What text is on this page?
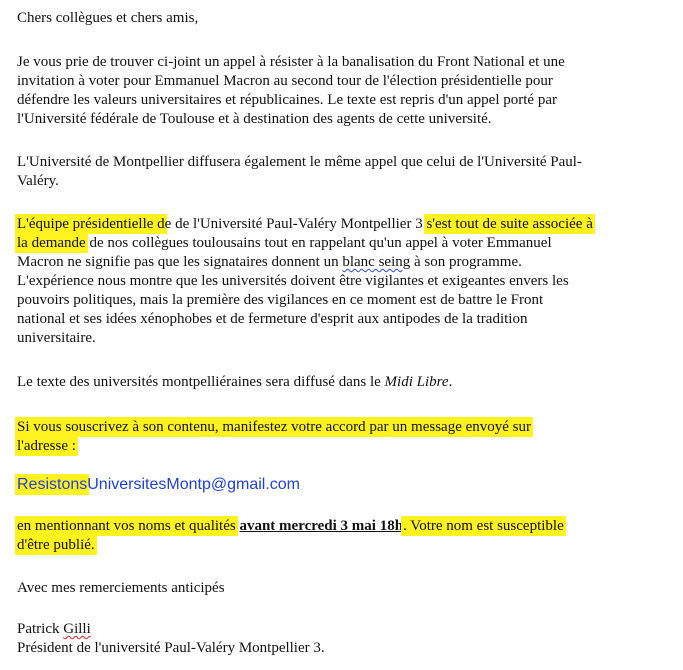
Chers collègues et chers amis,
Je vous prie de trouver ci-joint un appel à résister à la banalisation du Front National et une
invitation à voter pour Emmanuel Macron au second tour de l'élection présidentielle pour
défendre les valeurs universitaires et républicaines. Le texte est repris d'un appel porté par
l'Université fédérale de Toulouse et à destination des agents de cette université.
L'Université de Montpellier diffusera également le même appel que celui de l'Université Paul-
Valéry.
L'équipe présidentielle de de l'Université Paul-Valéry Montpellier 3 s'est tout de suite associée à
la demande de nos collègues toulousains tout en rappelant qu'un appel à voter Emmanuel
Macron ne signifie pas que les signataires donnent un blanc seing à son programme.
L'expérience nous montre que les universités doivent être vigilantes et exigeantes envers les
pouvoirs politiques, mais la première des vigilances en ce moment est de battre le Front
national et ses idées xénophobes et de fermeture d'esprit aux antipodes de la tradition
universitaire.
Le texte des universités montpelliéraines sera diffusé dans le Midi Libre.
Si vous souscrivez à son contenu, manifestez votre accord par un message envoyé sur
l'adresse :
ResistonsUniversitesMontp@gmail.com
en mentionnant vos noms et qualités avant mercredi 3 mai 18h. Votre nom est susceptible
d'être publié.
Avec mes remerciements anticipés
Patrick Gilli
Président de l'université Paul-Valéry Montpellier 3.
